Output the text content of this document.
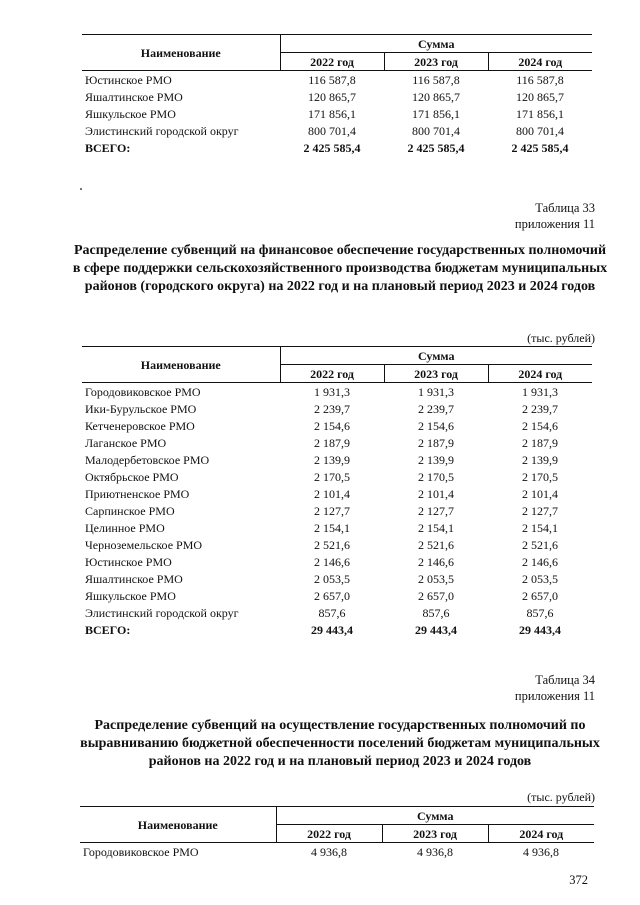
Наименование	Сумма		
	2022 год	2023 год	2024 год
Юстинское РМО	116 587,8	116 587,8	116 587,8
Яшалтинское РМО	120 865,7	120 865,7	120 865,7
Яшкульское РМО	171 856,1	171 856,1	171 856,1
Элистинский городской округ	800 701,4	800 701,4	800 701,4
ВСЕГО:	2 425 585,4	2 425 585,4	2 425 585,4
Таблица 33
приложения 11

Распределение субвенций на финансовое обеспечение государственных полномочий в сфере поддержки сельскохозяйственного производства бюджетам муниципальных районов (городского округа) на 2022 год и на плановый период 2023 и 2024 годов

(тыс. рублей)
Наименование	Сумма		
	2022 год	2023 год	2024 год
Городовиковское РМО	1 931,3	1 931,3	1 931,3
Ики-Бурульское РМО	2 239,7	2 239,7	2 239,7
Кетченеровское РМО	2 154,6	2 154,6	2 154,6
Лаганское РМО	2 187,9	2 187,9	2 187,9
Малодербетовское РМО	2 139,9	2 139,9	2 139,9
Октябрьское РМО	2 170,5	2 170,5	2 170,5
Приютненское РМО	2 101,4	2 101,4	2 101,4
Сарпинское РМО	2 127,7	2 127,7	2 127,7
Целинное РМО	2 154,1	2 154,1	2 154,1
Черноземельское РМО	2 521,6	2 521,6	2 521,6
Юстинское РМО	2 146,6	2 146,6	2 146,6
Яшалтинское РМО	2 053,5	2 053,5	2 053,5
Яшкульское РМО	2 657,0	2 657,0	2 657,0
Элистинский городской округ	857,6	857,6	857,6
ВСЕГО:	29 443,4	29 443,4	29 443,4
Таблица 34
приложения 11

Распределение субвенций на осуществление государственных полномочий по выравниванию бюджетной обеспеченности поселений бюджетам муниципальных районов на 2022 год и на плановый период 2023 и 2024 годов

(тыс. рублей)
Наименование	Сумма		
	2022 год	2023 год	2024 год
Городовиковское РМО	4 936,8	4 936,8	4 936,8
372
